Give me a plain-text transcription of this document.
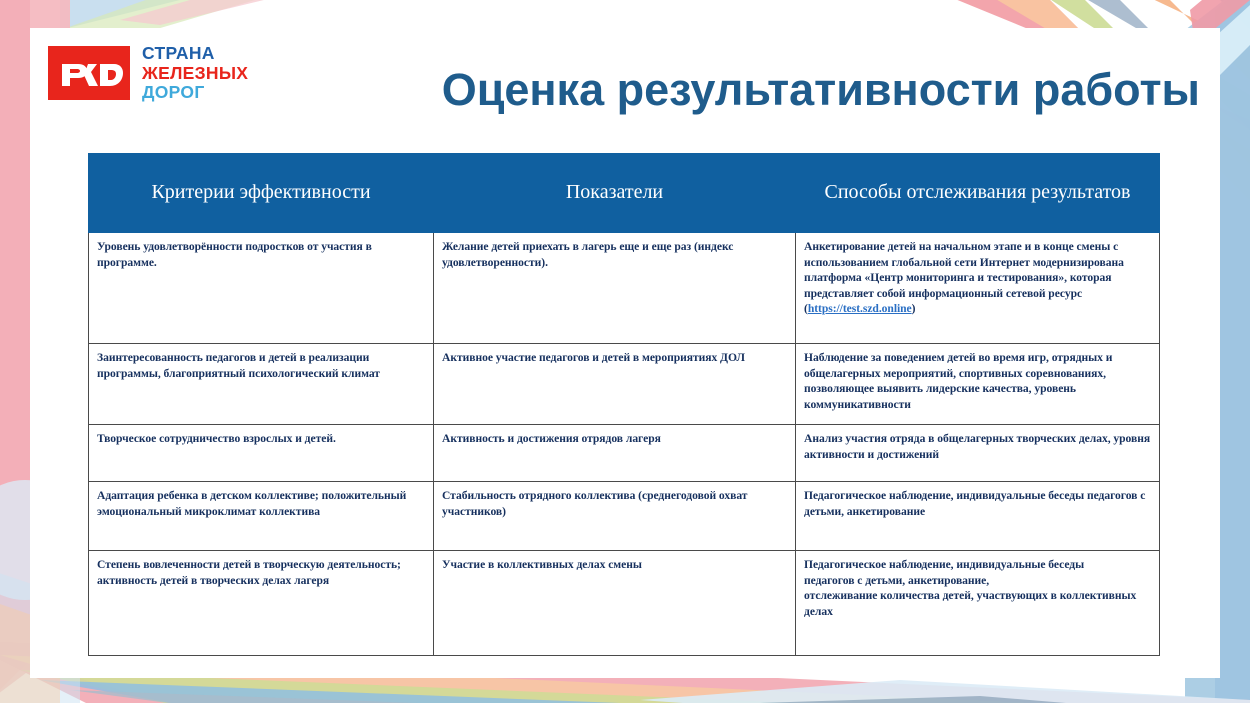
СТРАНА
ЖЕЛЕЗНЫХ
ДОРОГ	Оценка результативности работы
Критерии эффективности	Показатели	Способы отслеживания результатов
Уровень удовлетворённости подростков от участия в программе.	Желание детей приехать в лагерь еще и еще раз (индекс удовлетворенности).	Анкетирование детей на начальном этапе и в конце смены с использованием глобальной сети Интернет модернизирована платформа «Центр мониторинга и тестирования», которая представляет собой информационный сетевой ресурс
(https://test.szd.online)

Заинтересованность педагогов и детей в реализации программы, благоприятный психологический климат	Активное участие педагогов и детей в мероприятиях ДОЛ	Наблюдение за поведением детей во время игр, отрядных и общелагерных мероприятий, спортивных соревнованиях, позволяющее выявить лидерские качества, уровень коммуникативности
Творческое сотрудничество взрослых и детей.	Активность и достижения отрядов лагеря	Анализ участия отряда в общелагерных творческих делах, уровня активности и достижений
Адаптация ребенка в детском коллективе; положительный эмоциональный микроклимат коллектива	Стабильность отрядного коллектива (среднегодовой охват участников)	Педагогическое наблюдение, индивидуальные беседы педагогов с детьми, анкетирование
Степень вовлеченности детей в творческую деятельность; активность детей в творческих делах лагеря	Участие в коллективных делах смены	Педагогическое наблюдение, индивидуальные беседы
педагогов с детьми, анкетирование,
отслеживание количества детей, участвующих в коллективных делах
